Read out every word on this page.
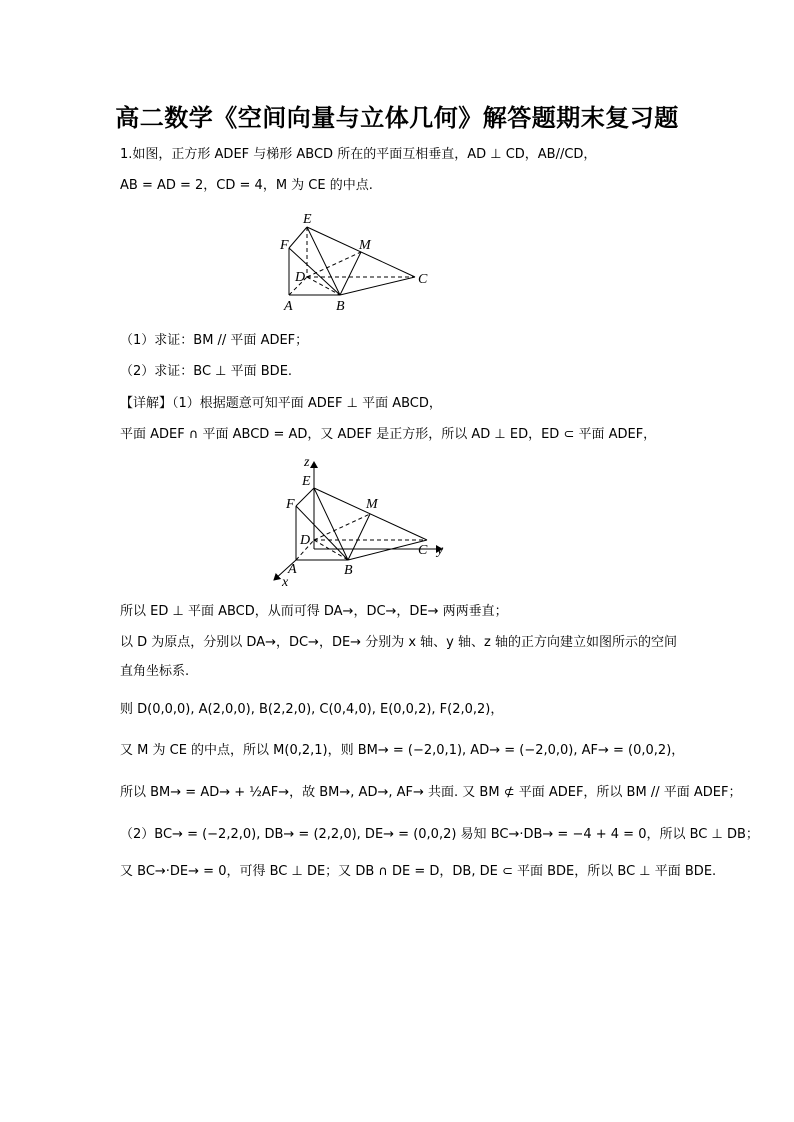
高二数学《空间向量与立体几何》解答题期末复习题
1.如图，正方形 ADEF 与梯形 ABCD 所在的平面互相垂直，AD ⊥ CD，AB//CD，
AB = AD = 2，CD = 4，M 为 CE 的中点.
E
F	M
D	C
A	B
（1）求证：BM // 平面 ADEF；
（2）求证：BC ⊥ 平面 BDE.
【详解】（1）根据题意可知平面 ADEF ⊥ 平面 ABCD，
平面 ADEF ∩ 平面 ABCD = AD，又 ADEF 是正方形，所以 AD ⊥ ED，ED ⊂ 平面 ADEF，
z
E
F	M
D
C y
A	B
x
所以 ED ⊥ 平面 ABCD，从而可得 DA→，DC→，DE→ 两两垂直；
以 D 为原点，分别以 DA→，DC→，DE→ 分别为 x 轴、y 轴、z 轴的正方向建立如图所示的空间
直角坐标系.
则 D(0,0,0), A(2,0,0), B(2,2,0), C(0,4,0), E(0,0,2), F(2,0,2)，
又 M 为 CE 的中点，所以 M(0,2,1)，则 BM→ = (−2,0,1), AD→ = (−2,0,0), AF→ = (0,0,2)，
所以 BM→ = AD→ + ½AF→，故 BM→, AD→, AF→ 共面. 又 BM ⊄ 平面 ADEF，所以 BM // 平面 ADEF；
（2）BC→ = (−2,2,0), DB→ = (2,2,0), DE→ = (0,0,2) 易知 BC→·DB→ = −4 + 4 = 0，所以 BC ⊥ DB；
又 BC→·DE→ = 0，可得 BC ⊥ DE；又 DB ∩ DE = D，DB, DE ⊂ 平面 BDE，所以 BC ⊥ 平面 BDE.
